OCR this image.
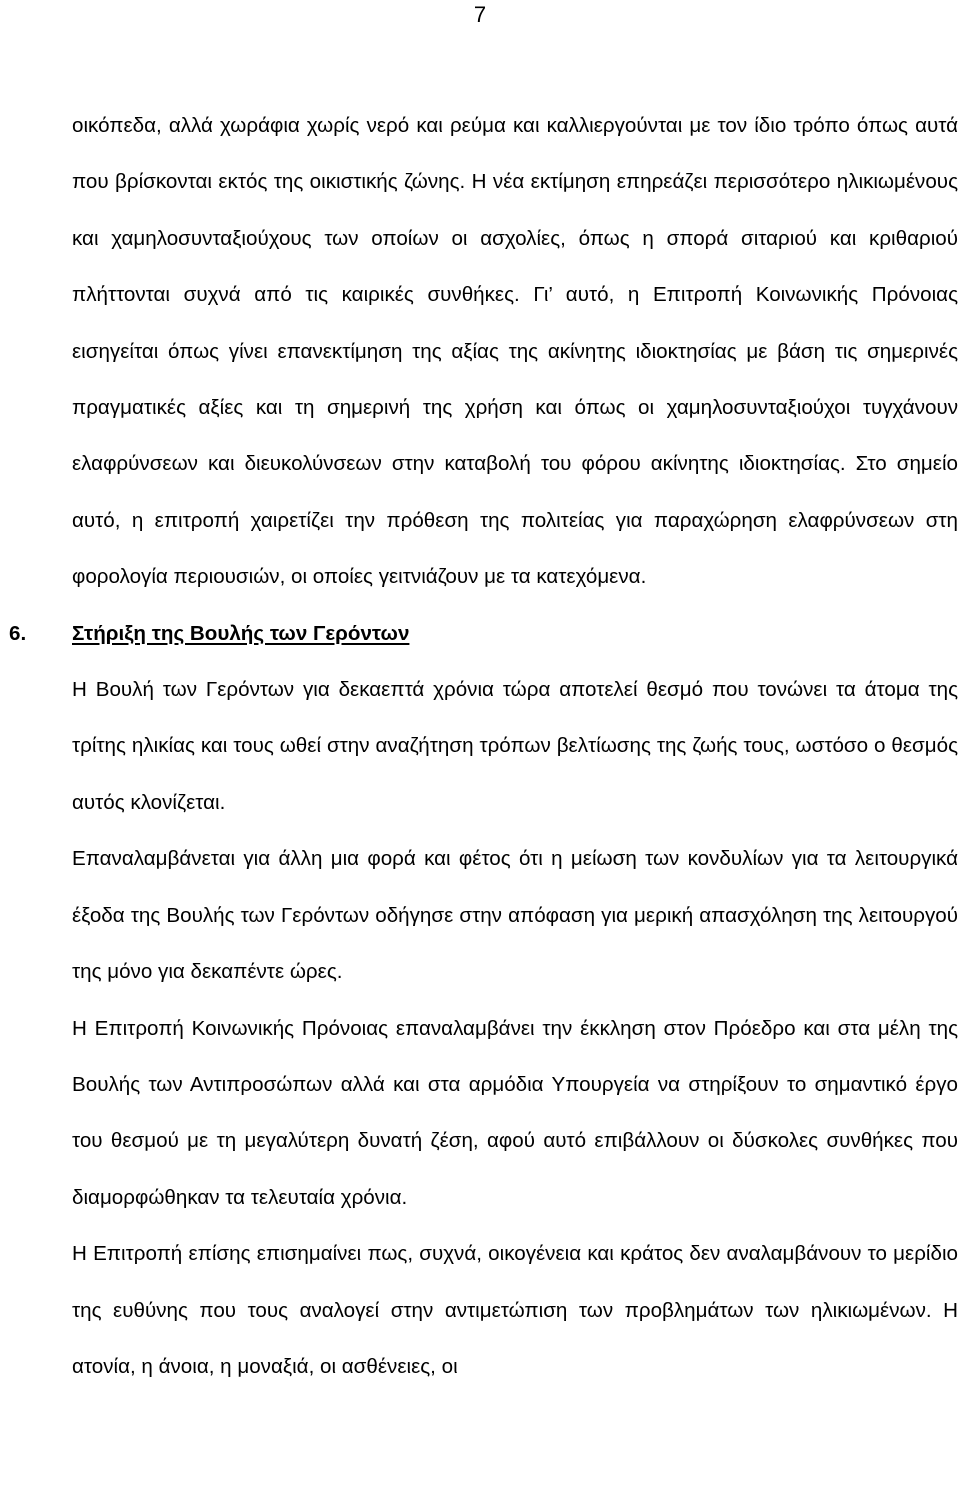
7

οικόπεδα, αλλά χωράφια χωρίς νερό και ρεύμα και καλλιεργούνται με τον ίδιο τρόπο όπως αυτά που βρίσκονται εκτός της οικιστικής ζώνης. Η νέα εκτίμηση επηρεάζει περισσότερο ηλικιωμένους και χαμηλοσυνταξιούχους των οποίων οι ασχολίες, όπως η σπορά σιταριού και κριθαριού πλήττονται συχνά από τις καιρικές συνθήκες. Γι’ αυτό, η Επιτροπή Κοινωνικής Πρόνοιας εισηγείται όπως γίνει επανεκτίμηση της αξίας της ακίνητης ιδιοκτησίας με βάση τις σημερινές πραγματικές αξίες και τη σημερινή της χρήση και όπως οι χαμηλοσυνταξιούχοι τυγχάνουν ελαφρύνσεων και διευκολύνσεων στην καταβολή του φόρου ακίνητης ιδιοκτησίας. Στο σημείο αυτό, η επιτροπή χαιρετίζει την πρόθεση της πολιτείας για παραχώρηση ελαφρύνσεων στη φορολογία περιουσιών, οι οποίες γειτνιάζουν με τα κατεχόμενα.

6. Στήριξη της Βουλής των Γερόντων

Η Βουλή των Γερόντων για δεκαεπτά χρόνια τώρα αποτελεί θεσμό που τονώνει τα άτομα της τρίτης ηλικίας και τους ωθεί στην αναζήτηση τρόπων βελτίωσης της ζωής τους, ωστόσο ο θεσμός αυτός κλονίζεται.

Επαναλαμβάνεται για άλλη μια φορά και φέτος ότι η μείωση των κονδυλίων για τα λειτουργικά έξοδα της Βουλής των Γερόντων οδήγησε στην απόφαση για μερική απασχόληση της λειτουργού της μόνο για δεκαπέντε ώρες.

Η Επιτροπή Κοινωνικής Πρόνοιας επαναλαμβάνει την έκκληση στον Πρόεδρο και στα μέλη της Βουλής των Αντιπροσώπων αλλά και στα αρμόδια Υπουργεία να στηρίξουν το σημαντικό έργο του θεσμού με τη μεγαλύτερη δυνατή ζέση, αφού αυτό επιβάλλουν οι δύσκολες συνθήκες που διαμορφώθηκαν τα τελευταία χρόνια.

Η Επιτροπή επίσης επισημαίνει πως, συχνά, οικογένεια και κράτος δεν αναλαμβάνουν το μερίδιο της ευθύνης που τους αναλογεί στην αντιμετώπιση των προβλημάτων των ηλικιωμένων. Η ατονία, η άνοια, η μοναξιά, οι ασθένειες, οι
